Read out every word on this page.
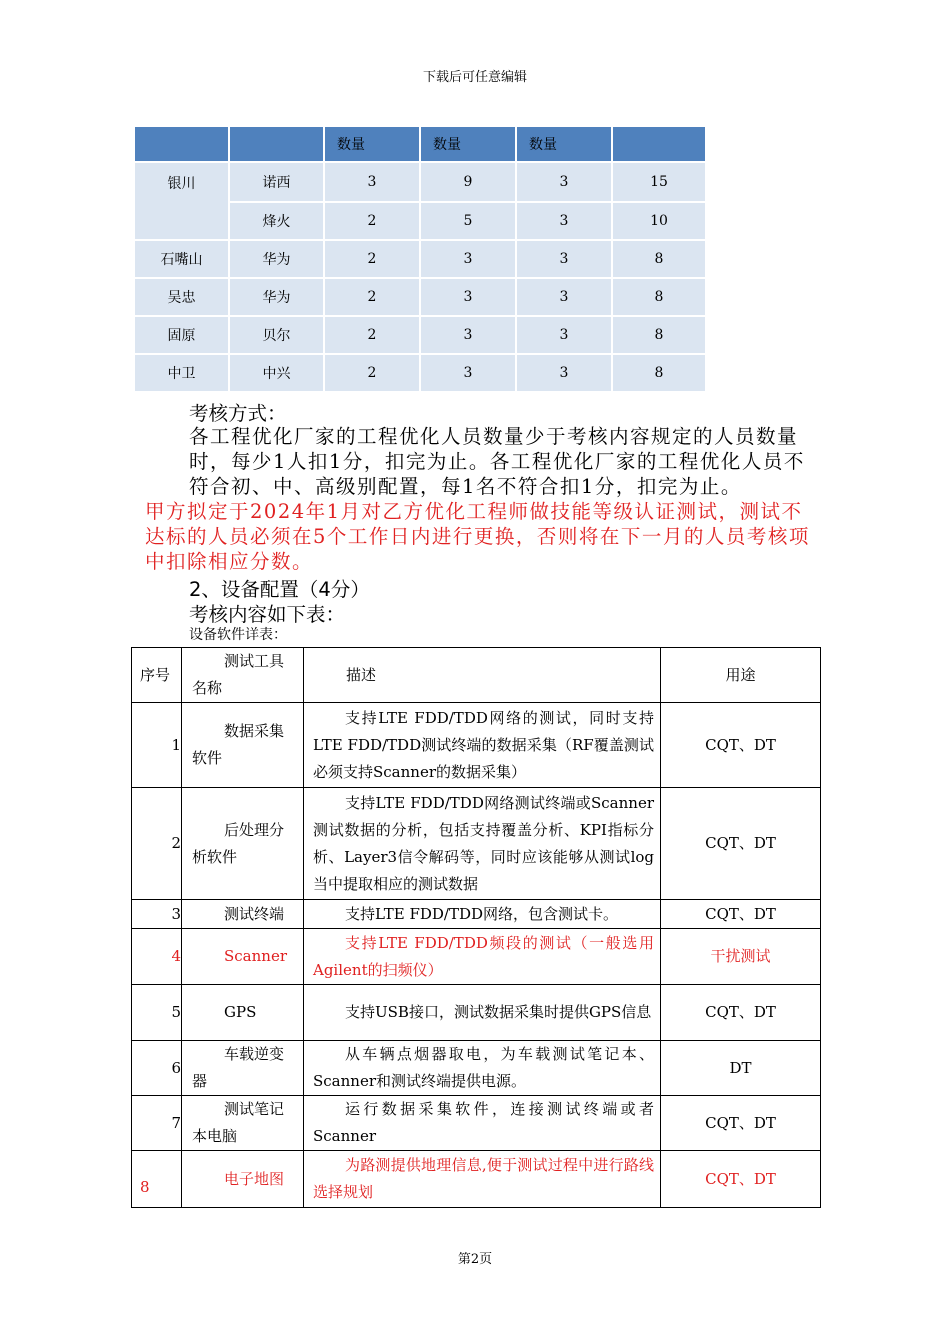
下载后可任意编辑
		数量	数量	数量	
银川	诺西	3	9	3	15
	烽火	2	5	3	10
石嘴山	华为	2	3	3	8
吴忠	华为	2	3	3	8
固原	贝尔	2	3	3	8
中卫	中兴	2	3	3	8
考核方式：
各工程优化厂家的工程优化人员数量少于考核内容规定的人员数量时，每少1人扣1分，扣完为止。各工程优化厂家的工程优化人员不符合初、中、高级别配置，每1名不符合扣1分，扣完为止。
甲方拟定于2024年1月对乙方优化工程师做技能等级认证测试，测试不达标的人员必须在5个工作日内进行更换，否则将在下一月的人员考核项中扣除相应分数。
2、设备配置（4分）
考核内容如下表：
设备软件详表：
序号	测试工具名称	描述	用途
1	数据采集软件	支持LTE FDD/TDD网络的测试，同时支持LTE FDD/TDD测试终端的数据采集（RF覆盖测试必须支持Scanner的数据采集）	CQT、DT
2	后处理分析软件	支持LTE FDD/TDD网络测试终端或Scanner测试数据的分析，包括支持覆盖分析、KPI指标分析、Layer3信令解码等，同时应该能够从测试log当中提取相应的测试数据	CQT、DT
3	测试终端	支持LTE FDD/TDD网络，包含测试卡。	CQT、DT
4	Scanner	支持LTE FDD/TDD频段的测试（一般选用Agilent的扫频仪）	干扰测试
5	GPS	支持USB接口，测试数据采集时提供GPS信息	CQT、DT
6	车载逆变器	从车辆点烟器取电，为车载测试笔记本、Scanner和测试终端提供电源。	DT
7	测试笔记本电脑	运行数据采集软件，连接测试终端或者Scanner	CQT、DT
8	电子地图	为路测提供地理信息,便于测试过程中进行路线选择规划	CQT、DT
第2页
